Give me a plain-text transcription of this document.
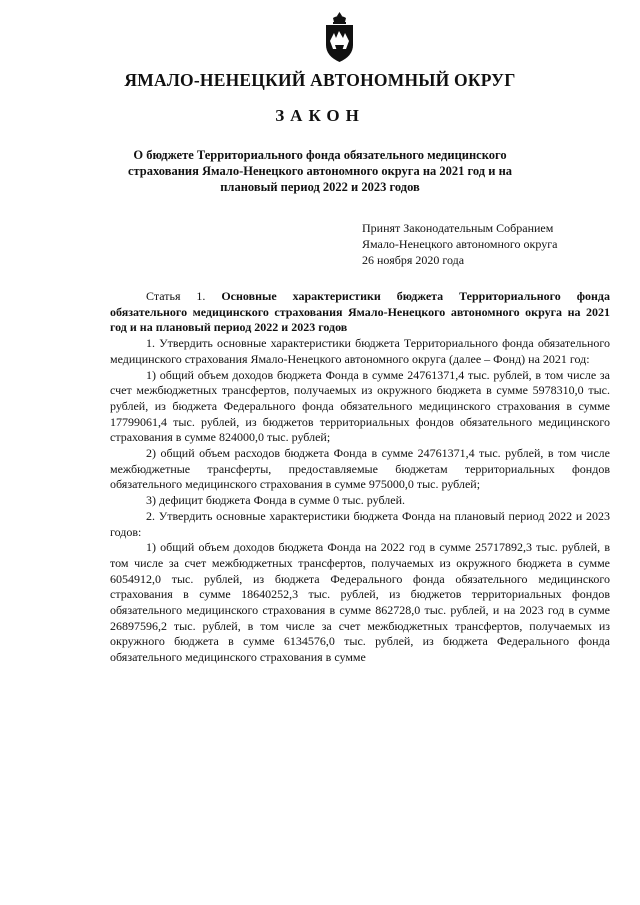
ЯМАЛО-НЕНЕЦКИЙ АВТОНОМНЫЙ ОКРУГ
ЗАКОН
О бюджете Территориального фонда обязательного медицинского страхования Ямало-Ненецкого автономного округа на 2021 год и на плановый период 2022 и 2023 годов
Принят Законодательным Собранием
Ямало-Ненецкого автономного округа
26 ноября 2020 года

Статья 1. Основные характеристики бюджета Территориального фонда обязательного медицинского страхования Ямало-Ненецкого автономного округа на 2021 год и на плановый период 2022 и 2023 годов

1. Утвердить основные характеристики бюджета Территориального фонда обязательного медицинского страхования Ямало-Ненецкого автономного округа (далее – Фонд) на 2021 год:

1) общий объем доходов бюджета Фонда в сумме 24761371,4 тыс. рублей, в том числе за счет межбюджетных трансфертов, получаемых из окружного бюджета в сумме 5978310,0 тыс. рублей, из бюджета Федерального фонда обязательного медицинского страхования в сумме 17799061,4 тыс. рублей, из бюджетов территориальных фондов обязательного медицинского страхования в сумме 824000,0 тыс. рублей;

2) общий объем расходов бюджета Фонда в сумме 24761371,4 тыс. рублей, в том числе межбюджетные трансферты, предоставляемые бюджетам территориальных фондов обязательного медицинского страхования в сумме 975000,0 тыс. рублей;

3) дефицит бюджета Фонда в сумме 0 тыс. рублей.

2. Утвердить основные характеристики бюджета Фонда на плановый период 2022 и 2023 годов:

1) общий объем доходов бюджета Фонда на 2022 год в сумме 25717892,3 тыс. рублей, в том числе за счет межбюджетных трансфертов, получаемых из окружного бюджета в сумме 6054912,0 тыс. рублей, из бюджета Федерального фонда обязательного медицинского страхования в сумме 18640252,3 тыс. рублей, из бюджетов территориальных фондов обязательного медицинского страхования в сумме 862728,0 тыс. рублей, и на 2023 год в сумме 26897596,2 тыс. рублей, в том числе за счет межбюджетных трансфертов, получаемых из окружного бюджета в сумме 6134576,0 тыс. рублей, из бюджета Федерального фонда обязательного медицинского страхования в сумме
